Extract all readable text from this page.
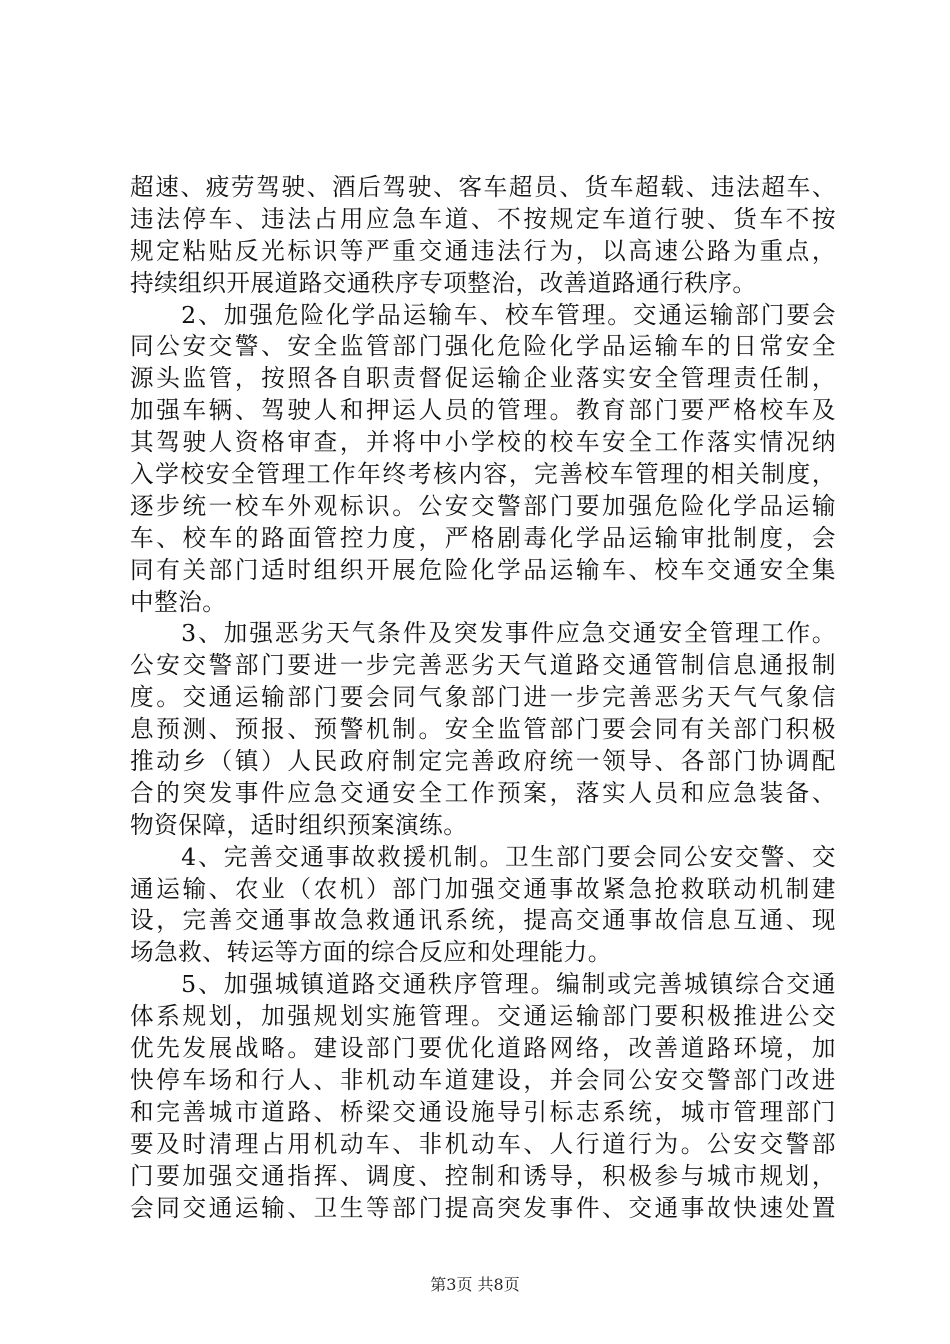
超速、疲劳驾驶、酒后驾驶、客车超员、货车超载、违法超车、
违法停车、违法占用应急车道、不按规定车道行驶、货车不按
规定粘贴反光标识等严重交通违法行为，以高速公路为重点，
持续组织开展道路交通秩序专项整治，改善道路通行秩序。
　　2、加强危险化学品运输车、校车管理。交通运输部门要会
同公安交警、安全监管部门强化危险化学品运输车的日常安全
源头监管，按照各自职责督促运输企业落实安全管理责任制，
加强车辆、驾驶人和押运人员的管理。教育部门要严格校车及
其驾驶人资格审查，并将中小学校的校车安全工作落实情况纳
入学校安全管理工作年终考核内容，完善校车管理的相关制度，
逐步统一校车外观标识。公安交警部门要加强危险化学品运输
车、校车的路面管控力度，严格剧毒化学品运输审批制度，会
同有关部门适时组织开展危险化学品运输车、校车交通安全集
中整治。
　　3、加强恶劣天气条件及突发事件应急交通安全管理工作。
公安交警部门要进一步完善恶劣天气道路交通管制信息通报制
度。交通运输部门要会同气象部门进一步完善恶劣天气气象信
息预测、预报、预警机制。安全监管部门要会同有关部门积极
推动乡（镇）人民政府制定完善政府统一领导、各部门协调配
合的突发事件应急交通安全工作预案，落实人员和应急装备、
物资保障，适时组织预案演练。
　　4、完善交通事故救援机制。卫生部门要会同公安交警、交
通运输、农业（农机）部门加强交通事故紧急抢救联动机制建
设，完善交通事故急救通讯系统，提高交通事故信息互通、现
场急救、转运等方面的综合反应和处理能力。
　　5、加强城镇道路交通秩序管理。编制或完善城镇综合交通
体系规划，加强规划实施管理。交通运输部门要积极推进公交
优先发展战略。建设部门要优化道路网络，改善道路环境，加
快停车场和行人、非机动车道建设，并会同公安交警部门改进
和完善城市道路、桥梁交通设施导引标志系统，城市管理部门
要及时清理占用机动车、非机动车、人行道行为。公安交警部
门要加强交通指挥、调度、控制和诱导，积极参与城市规划，
会同交通运输、卫生等部门提高突发事件、交通事故快速处置
第3页 共8页
